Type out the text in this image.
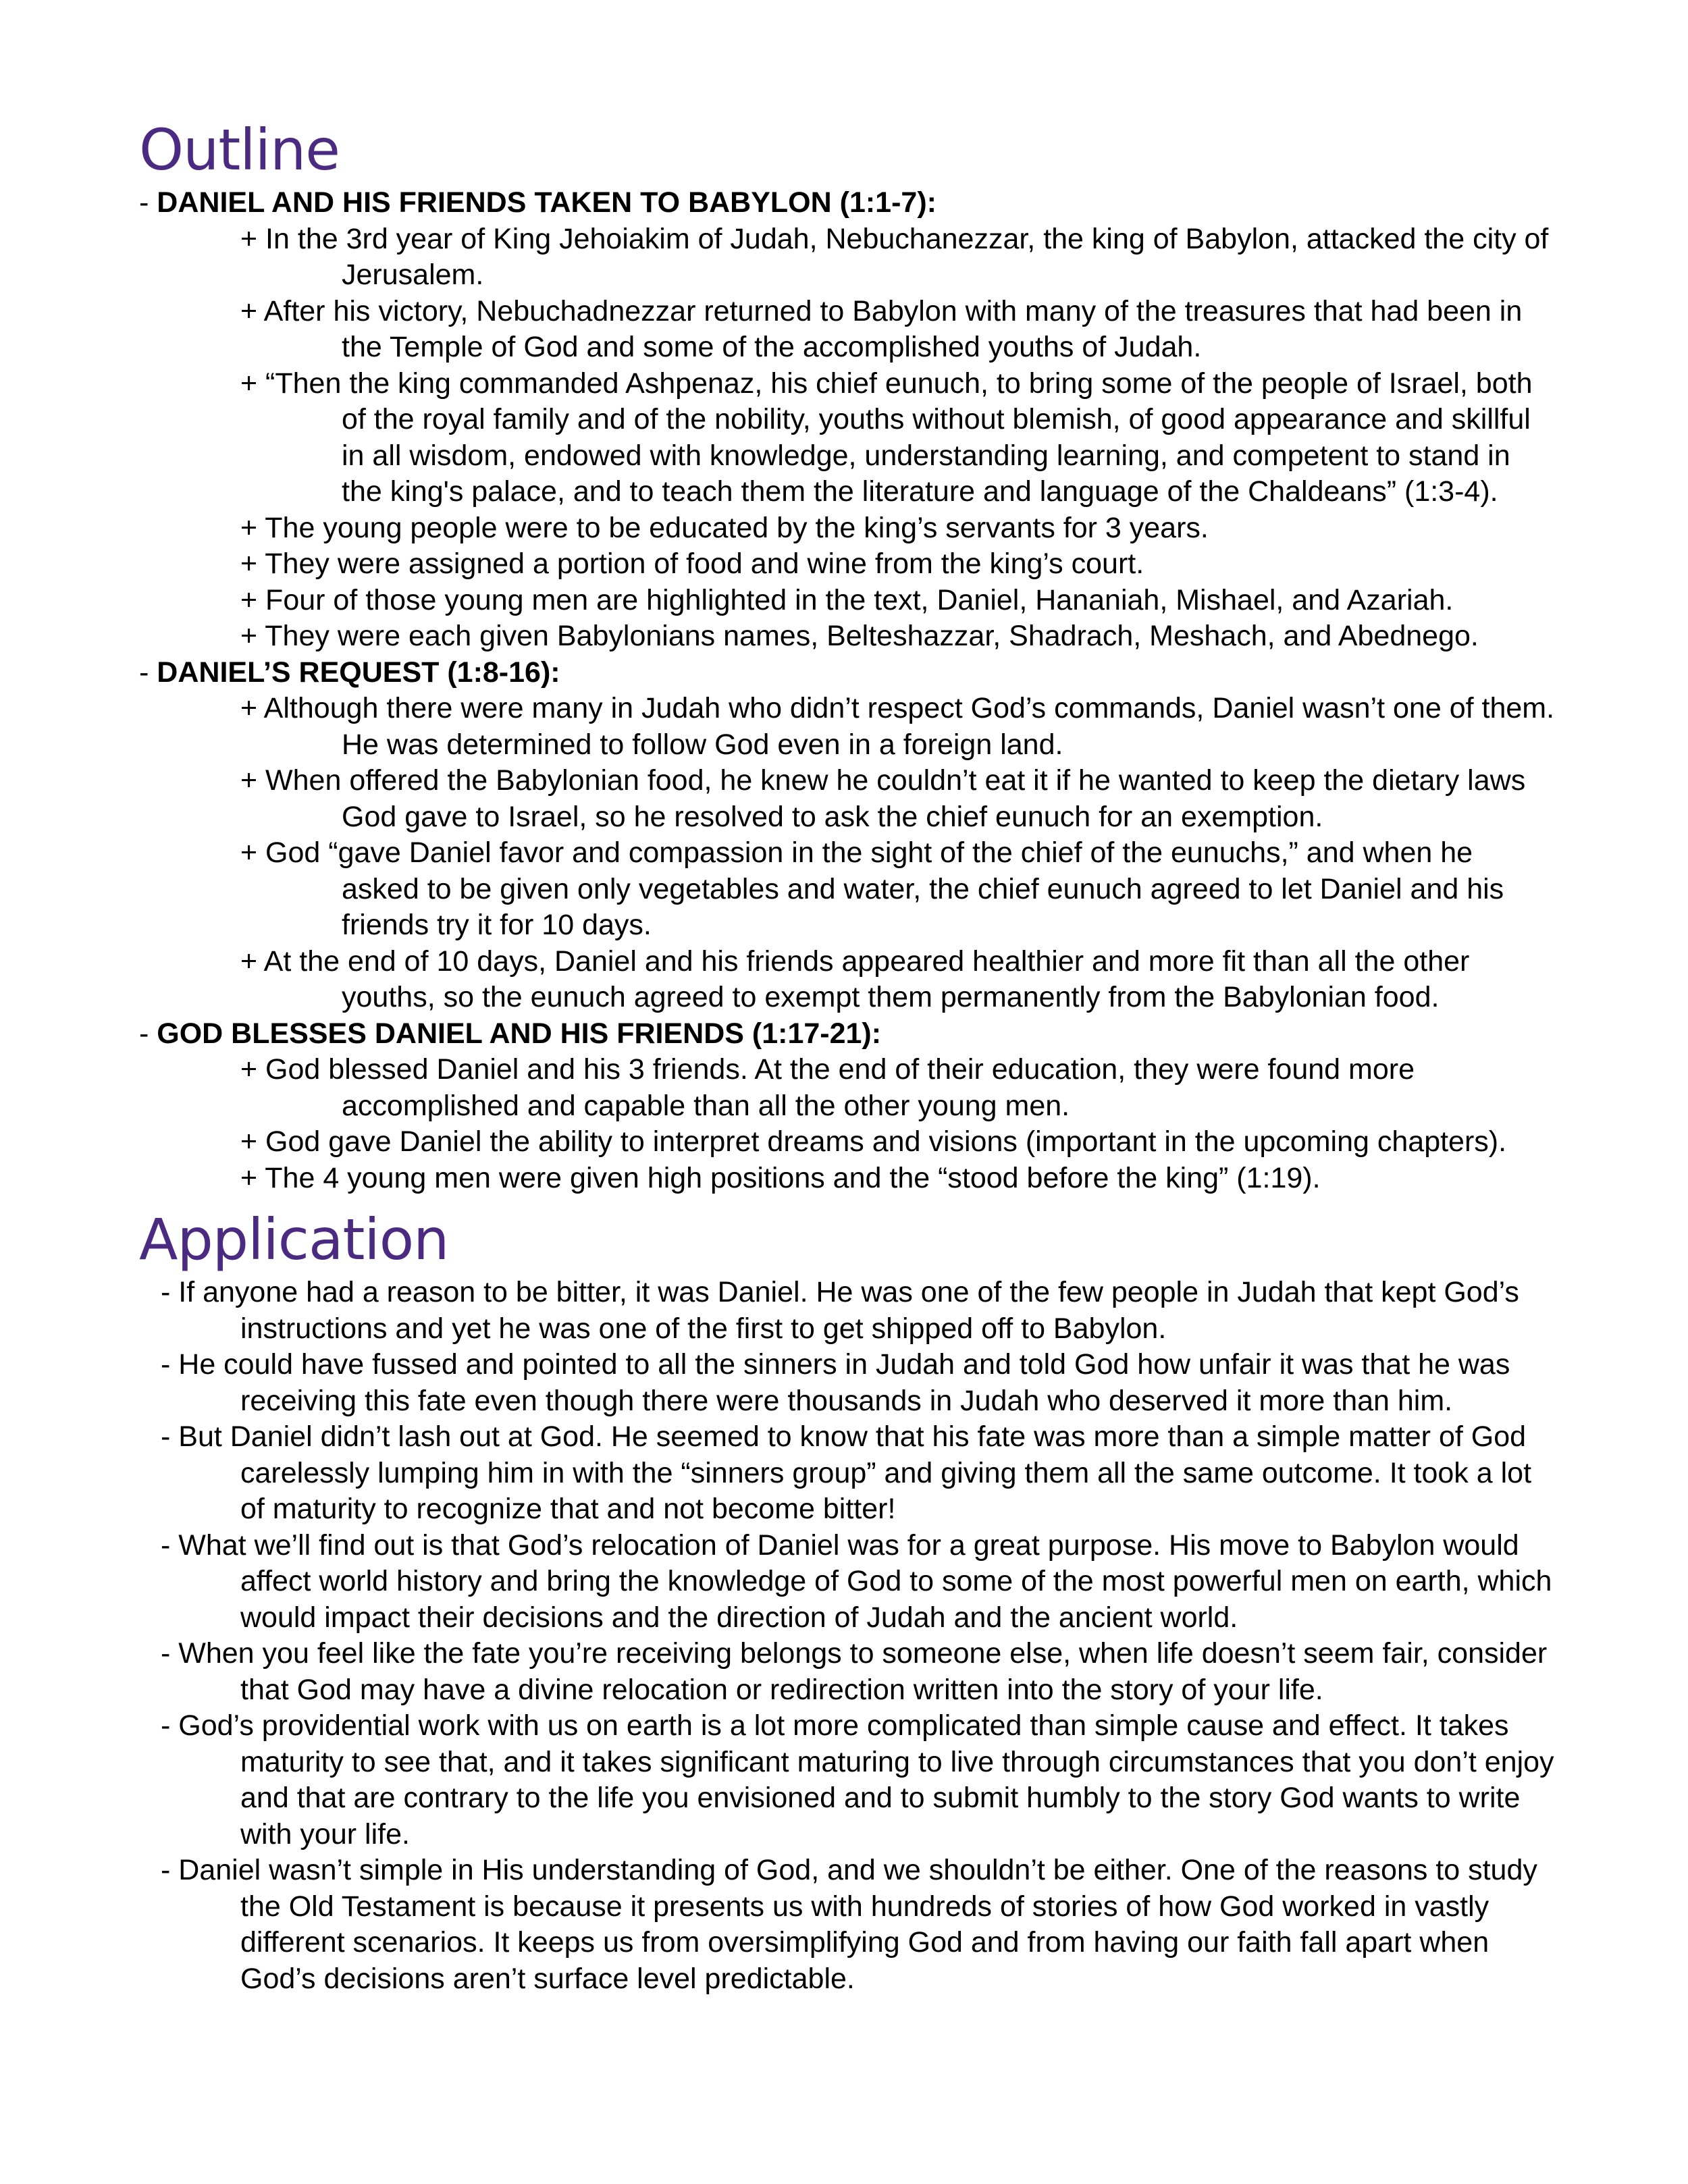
Outline
- DANIEL AND HIS FRIENDS TAKEN TO BABYLON (1:1-7):
+ In the 3rd year of King Jehoiakim of Judah, Nebuchanezzar, the king of Babylon, attacked the city of Jerusalem.
+ After his victory, Nebuchadnezzar returned to Babylon with many of the treasures that had been in the Temple of God and some of the accomplished youths of Judah.
+ “Then the king commanded Ashpenaz, his chief eunuch, to bring some of the people of Israel, both of the royal family and of the nobility, youths without blemish, of good appearance and skillful in all wisdom, endowed with knowledge, understanding learning, and competent to stand in the king's palace, and to teach them the literature and language of the Chaldeans” (1:3-4).
+ The young people were to be educated by the king’s servants for 3 years.
+ They were assigned a portion of food and wine from the king’s court.
+ Four of those young men are highlighted in the text, Daniel, Hananiah, Mishael, and Azariah.
+ They were each given Babylonians names, Belteshazzar, Shadrach, Meshach, and Abednego.
- DANIEL’S REQUEST (1:8-16):
+ Although there were many in Judah who didn’t respect God’s commands, Daniel wasn’t one of them. He was determined to follow God even in a foreign land.
+ When offered the Babylonian food, he knew he couldn’t eat it if he wanted to keep the dietary laws God gave to Israel, so he resolved to ask the chief eunuch for an exemption.
+ God “gave Daniel favor and compassion in the sight of the chief of the eunuchs,” and when he asked to be given only vegetables and water, the chief eunuch agreed to let Daniel and his friends try it for 10 days.
+ At the end of 10 days, Daniel and his friends appeared healthier and more fit than all the other youths, so the eunuch agreed to exempt them permanently from the Babylonian food.
- GOD BLESSES DANIEL AND HIS FRIENDS (1:17-21):
+ God blessed Daniel and his 3 friends. At the end of their education, they were found more accomplished and capable than all the other young men.
+ God gave Daniel the ability to interpret dreams and visions (important in the upcoming chapters).
+ The 4 young men were given high positions and the “stood before the king” (1:19).
Application
- If anyone had a reason to be bitter, it was Daniel. He was one of the few people in Judah that kept God’s instructions and yet he was one of the first to get shipped off to Babylon.
- He could have fussed and pointed to all the sinners in Judah and told God how unfair it was that he was receiving this fate even though there were thousands in Judah who deserved it more than him.
- But Daniel didn’t lash out at God. He seemed to know that his fate was more than a simple matter of God carelessly lumping him in with the “sinners group” and giving them all the same outcome. It took a lot of maturity to recognize that and not become bitter!
- What we’ll find out is that God’s relocation of Daniel was for a great purpose. His move to Babylon would affect world history and bring the knowledge of God to some of the most powerful men on earth, which would impact their decisions and the direction of Judah and the ancient world.
- When you feel like the fate you’re receiving belongs to someone else, when life doesn’t seem fair, consider that God may have a divine relocation or redirection written into the story of your life.
- God’s providential work with us on earth is a lot more complicated than simple cause and effect. It takes maturity to see that, and it takes significant maturing to live through circumstances that you don’t enjoy and that are contrary to the life you envisioned and to submit humbly to the story God wants to write with your life.
- Daniel wasn’t simple in His understanding of God, and we shouldn’t be either. One of the reasons to study the Old Testament is because it presents us with hundreds of stories of how God worked in vastly different scenarios. It keeps us from oversimplifying God and from having our faith fall apart when God’s decisions aren’t surface level predictable.
